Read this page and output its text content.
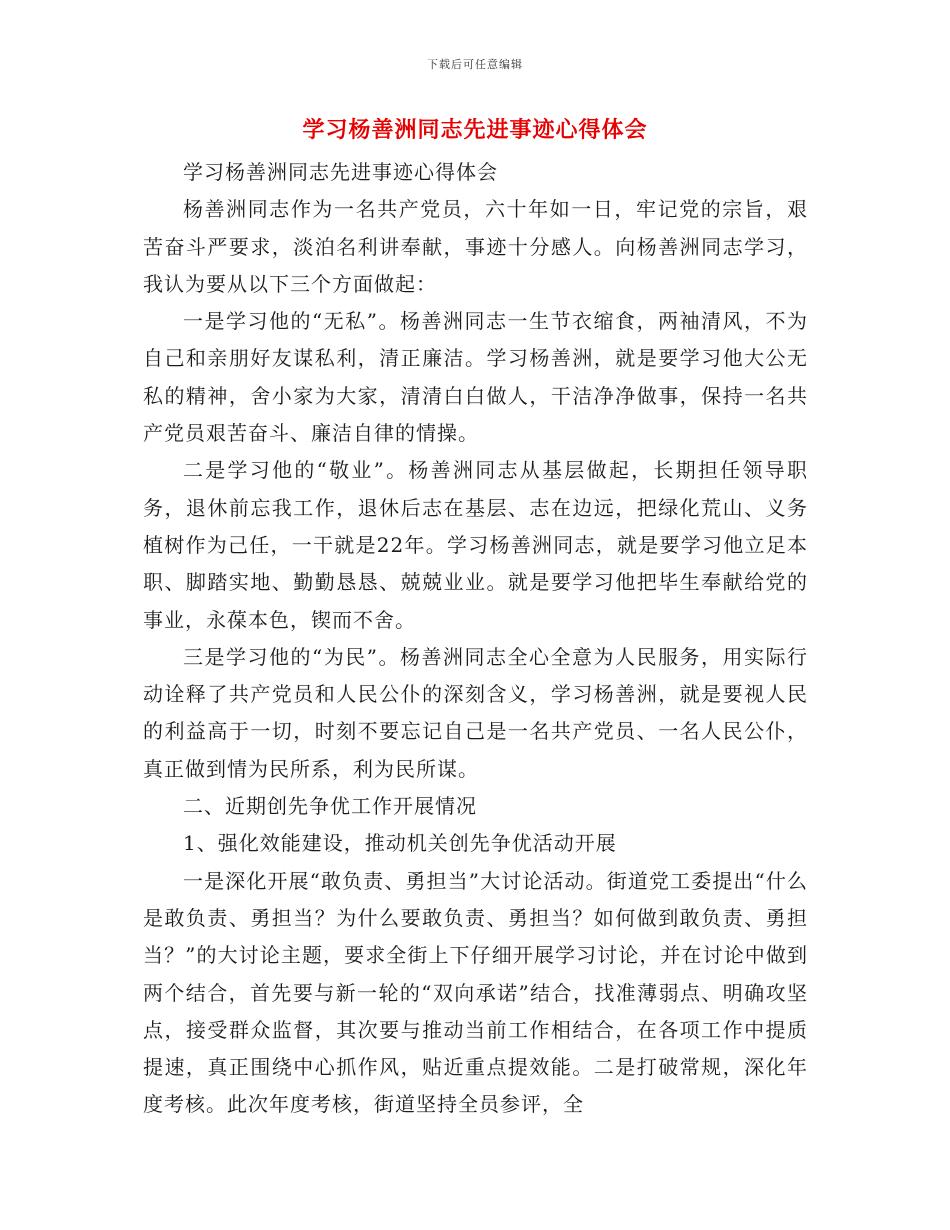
下载后可任意编辑
学习杨善洲同志先进事迹心得体会

学习杨善洲同志先进事迹心得体会

杨善洲同志作为一名共产党员，六十年如一日，牢记党的宗旨，艰苦奋斗严要求，淡泊名利讲奉献，事迹十分感人。向杨善洲同志学习，我认为要从以下三个方面做起：

一是学习他的“无私”。杨善洲同志一生节衣缩食，两袖清风，不为自己和亲朋好友谋私利，清正廉洁。学习杨善洲，就是要学习他大公无私的精神，舍小家为大家，清清白白做人，干洁净净做事，保持一名共产党员艰苦奋斗、廉洁自律的情操。

二是学习他的“敬业”。杨善洲同志从基层做起，长期担任领导职务，退休前忘我工作，退休后志在基层、志在边远，把绿化荒山、义务植树作为己任，一干就是22年。学习杨善洲同志，就是要学习他立足本职、脚踏实地、勤勤恳恳、兢兢业业。就是要学习他把毕生奉献给党的事业，永葆本色，锲而不舍。

三是学习他的“为民”。杨善洲同志全心全意为人民服务，用实际行动诠释了共产党员和人民公仆的深刻含义，学习杨善洲，就是要视人民的利益高于一切，时刻不要忘记自己是一名共产党员、一名人民公仆，真正做到情为民所系，利为民所谋。

二、近期创先争优工作开展情况

1、强化效能建设，推动机关创先争优活动开展

一是深化开展“敢负责、勇担当”大讨论活动。街道党工委提出“什么是敢负责、勇担当？为什么要敢负责、勇担当？如何做到敢负责、勇担当？”的大讨论主题，要求全街上下仔细开展学习讨论，并在讨论中做到两个结合，首先要与新一轮的“双向承诺”结合，找准薄弱点、明确攻坚点，接受群众监督，其次要与推动当前工作相结合，在各项工作中提质提速，真正围绕中心抓作风，贴近重点提效能。二是打破常规，深化年度考核。此次年度考核，街道坚持全员参评，全
